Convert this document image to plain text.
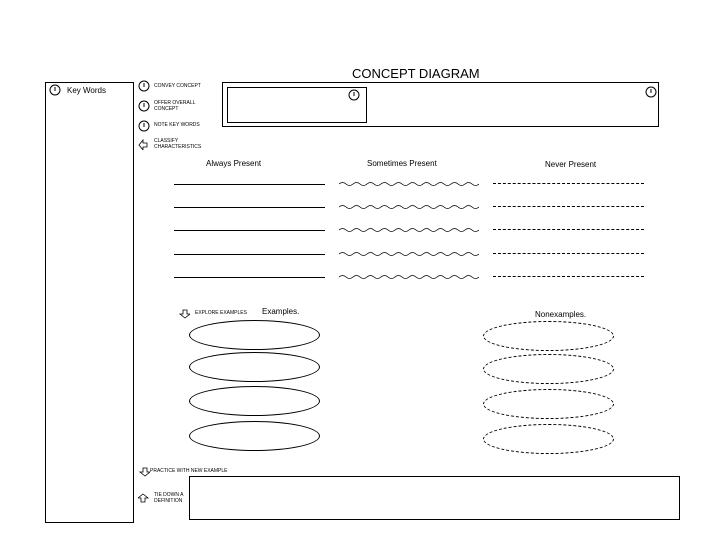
CONCEPT DIAGRAM
Key Words	CONVEY CONCEPT
OFFER OVERALL
CONCEPT
NOTE KEY WORDS
CLASSIFY
CHARACTERISTICS
Always Present	Sometimes Present	Never Present
EXPLORE EXAMPLES Examples.	Nonexamples.
PRACTICE WITH NEW EXAMPLE
TIE DOWN A
DEFINITION
